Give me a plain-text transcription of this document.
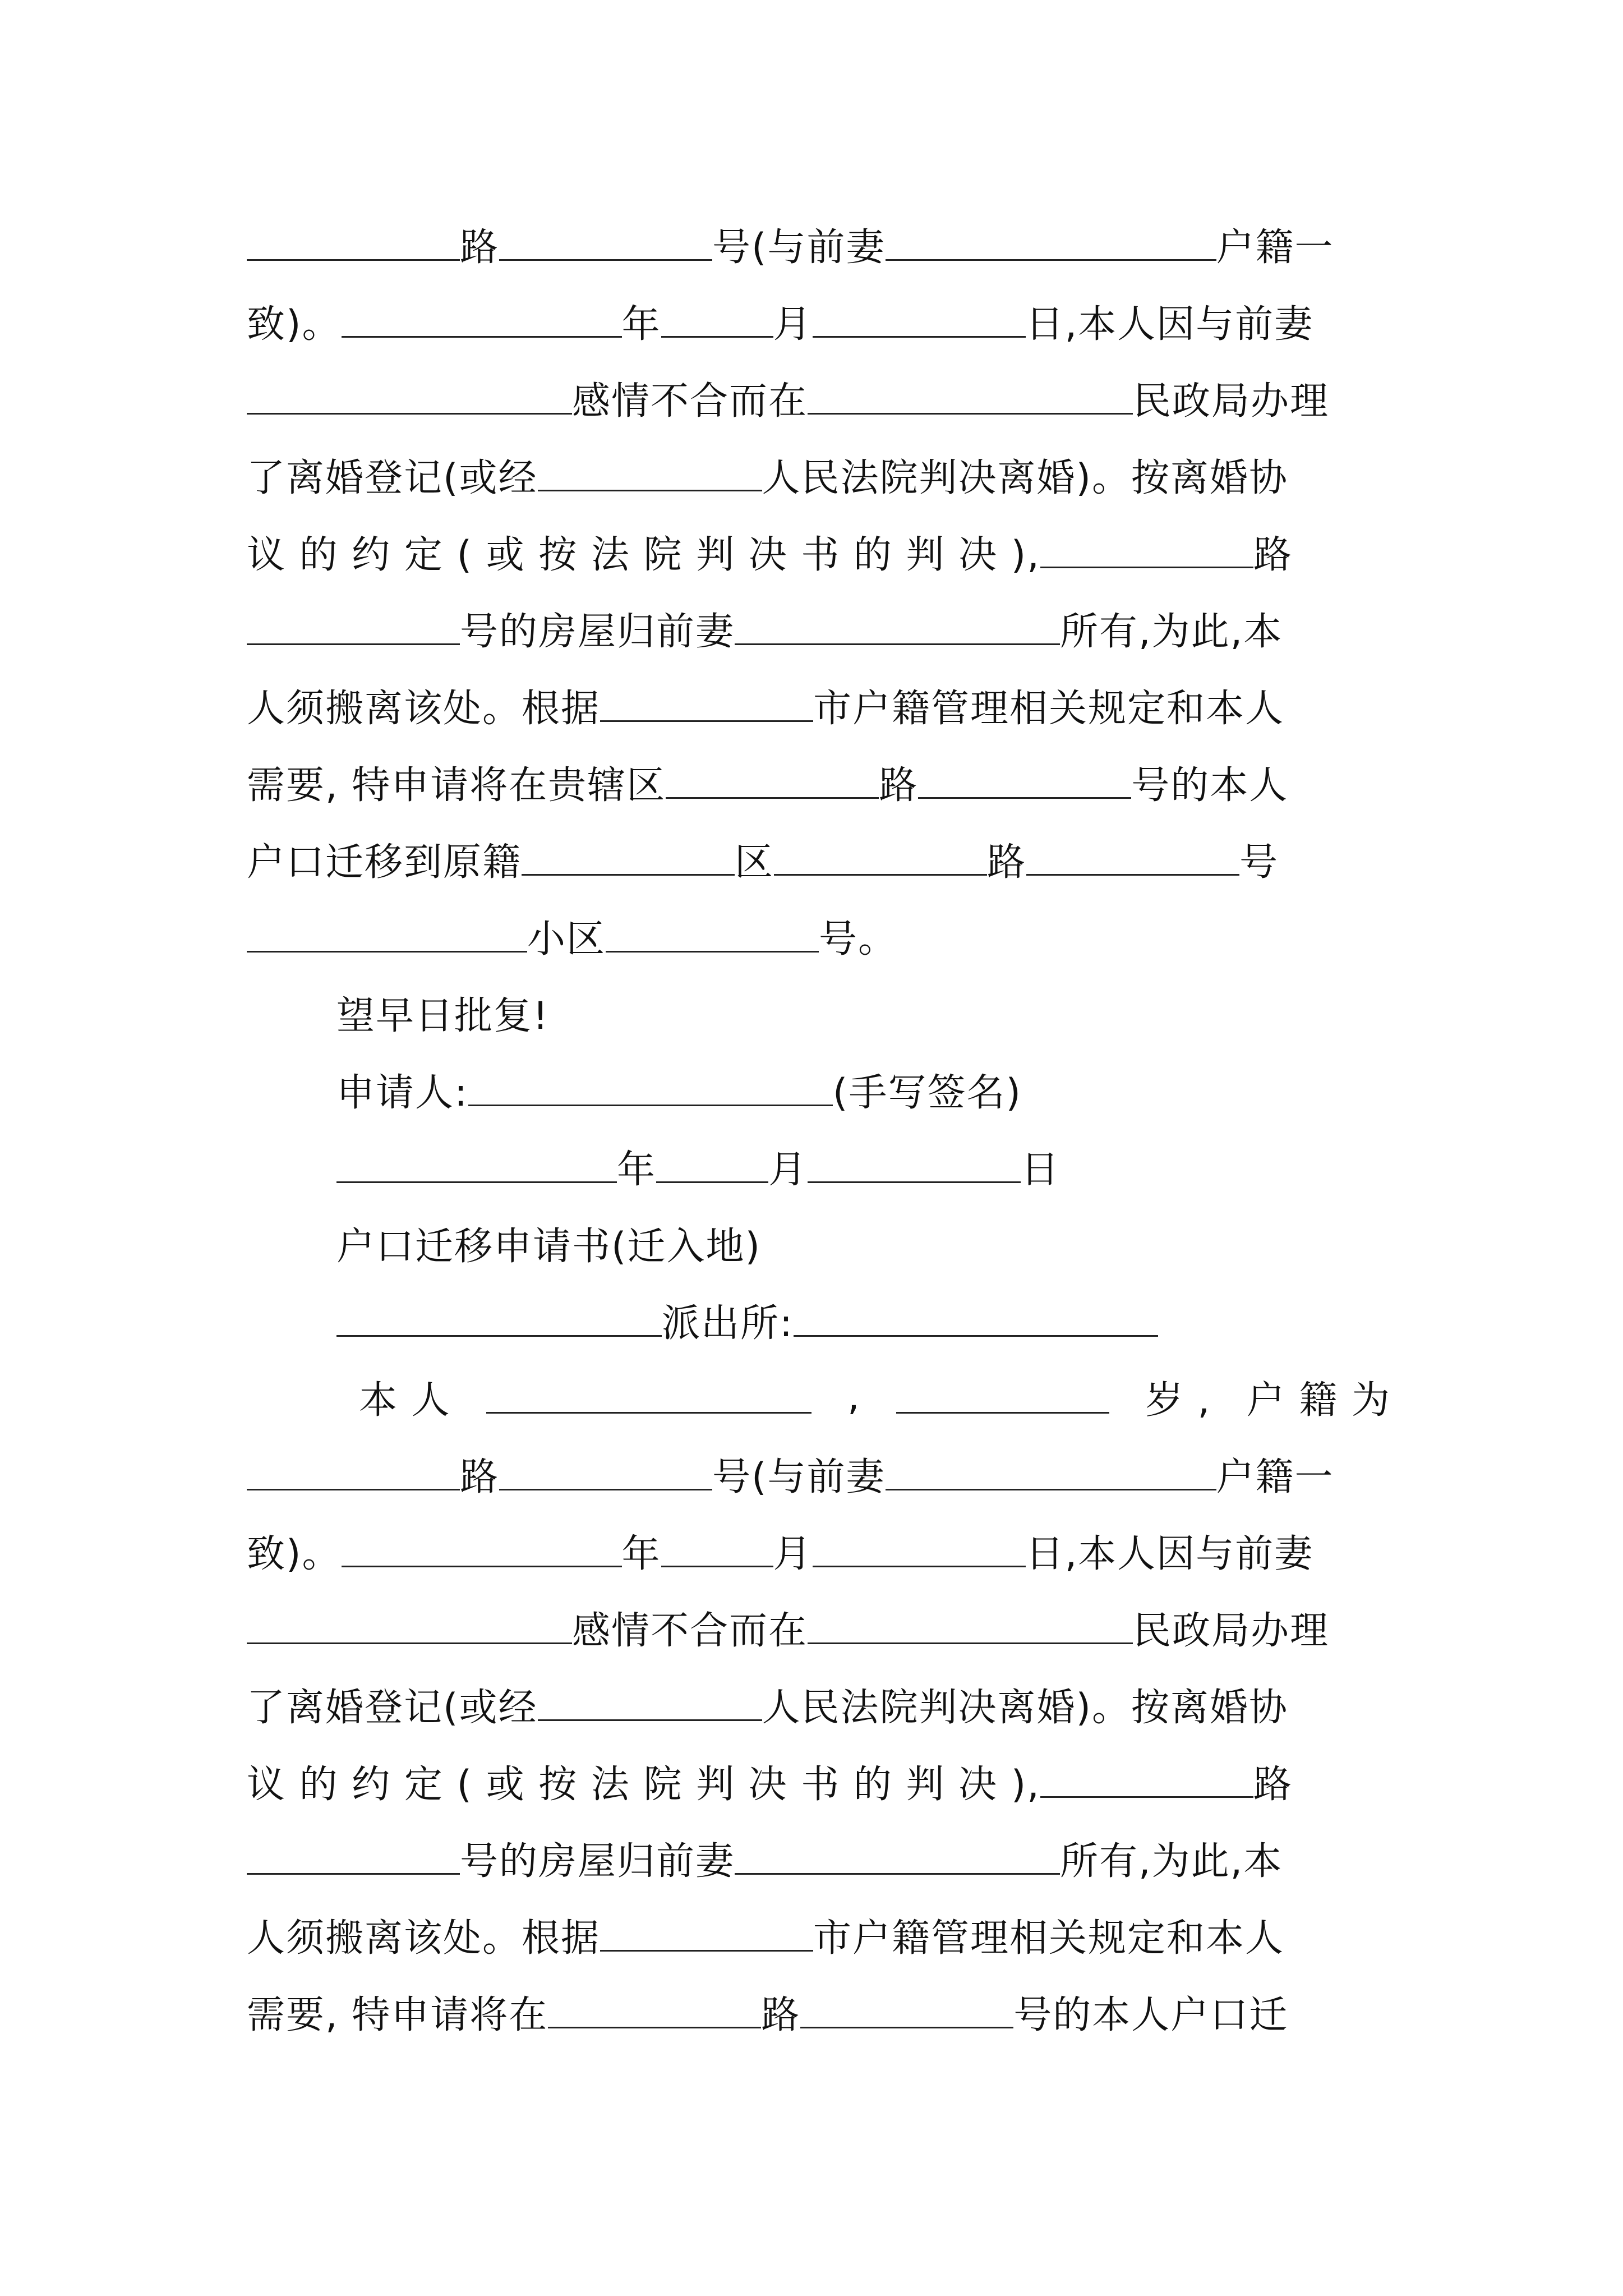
路	号(与前妻	户籍一
致)。	年	月	日,本人因与前妻
感情不合而在	民政局办理
了离婚登记(或经	人民法院判决离婚)。按离婚协
议 的 约 定 ( 或 按 法 院 判 决 书 的 判 决 ),	路
号的房屋归前妻	所有,为此,本
人须搬离该处。根据	市户籍管理相关规定和本人
需要, 特申请将在贵辖区	路	号的本人
户口迁移到原籍	区	路	号
小区	号。
望早日批复!
申请人:	(手写签名)
年	月	日
户口迁移申请书(迁入地)
派出所:
本 人	,	岁 , 户 籍 为
路	号(与前妻	户籍一
致)。	年	月	日,本人因与前妻
感情不合而在	民政局办理
了离婚登记(或经	人民法院判决离婚)。按离婚协
议 的 约 定 ( 或 按 法 院 判 决 书 的 判 决 ),	路
号的房屋归前妻	所有,为此,本
人须搬离该处。根据	市户籍管理相关规定和本人
需要, 特申请将在	路	号的本人户口迁
